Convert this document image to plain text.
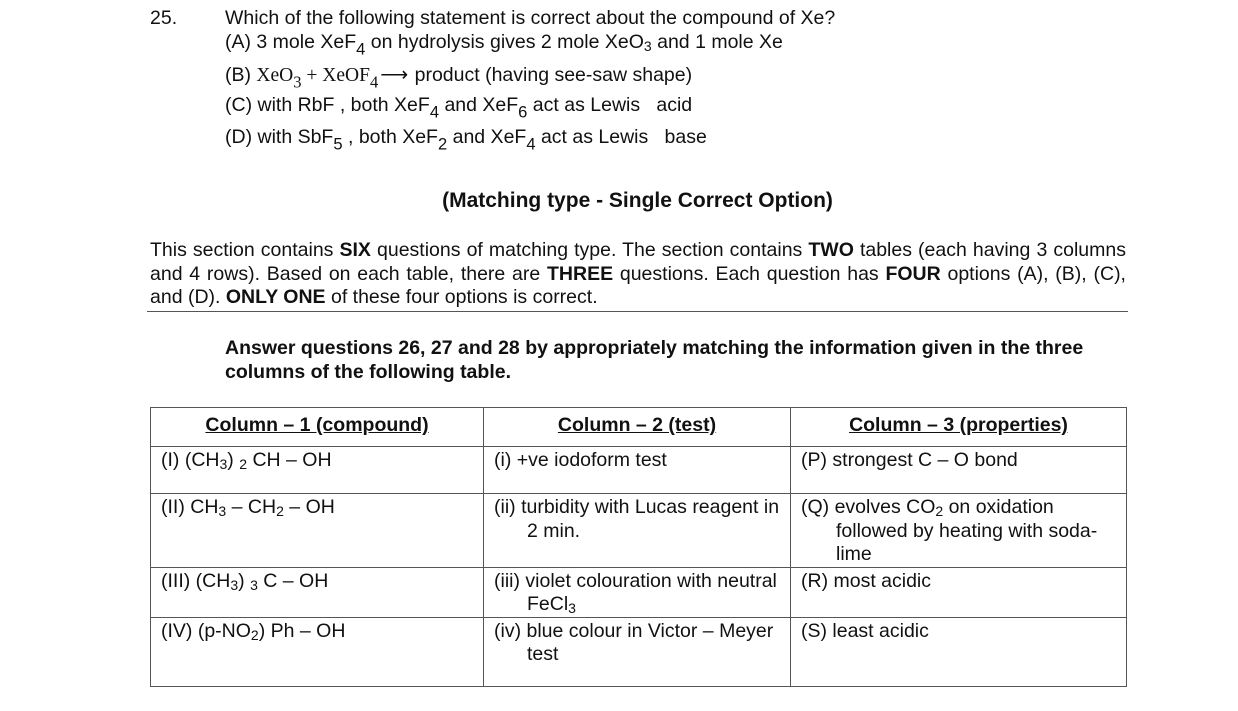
25. Which of the following statement is correct about the compound of Xe?
(A) 3 mole XeF$_4$ on hydrolysis gives 2 mole XeO$_3$ and 1 mole Xe
(B) XeO$_3$ + XeOF$_4$ ⟶ product (having see-saw shape)
(C) with RbF , both XeF$_4$ and XeF$_6$ act as Lewis   acid
(D) with SbF$_5$ , both XeF$_2$ and XeF$_4$ act as Lewis   base
(Matching type - Single Correct Option)
This section contains SIX questions of matching type. The section contains TWO tables (each having 3 columns and 4 rows). Based on each table, there are THREE questions. Each question has FOUR options (A), (B), (C), and (D). ONLY ONE of these four options is correct.
Answer questions 26, 27 and 28 by appropriately matching the information given in the three columns of the following table.
Column – 1 (compound)	Column – 2 (test)	Column – 3 (properties)
(I) $(CH_3)$ $_2$ CH – OH	(i) +ve iodoform test	(P) strongest C – O bond

(II) $CH_3 - CH_2$ – OH	(ii) turbidity with Lucas reagent in 2 min.	(Q) evolves $CO_2$ on oxidation followed by heating with soda-lime

(III) $(CH_3)$ $_3$ C – OH	(iii) violet colouration with neutral FeCl$_3$	(R) most acidic

(IV) $(p-NO_2)$ Ph – OH	(iv) blue colour in Victor – Meyer test	(S) least acidic
